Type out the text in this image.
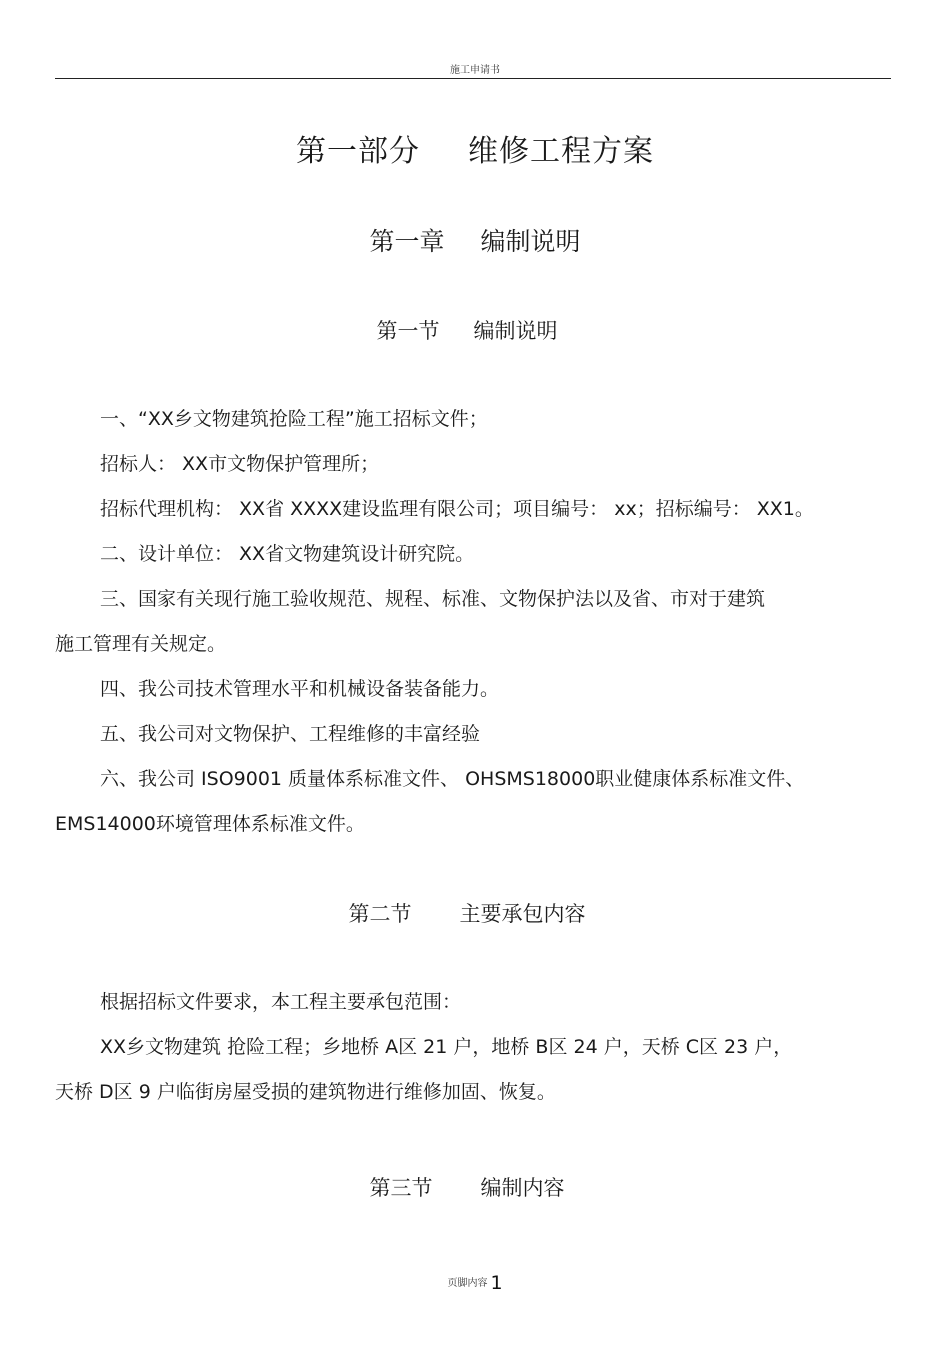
施工申请书
第一部分 维修工程方案
第一章 编制说明
第一节 编制说明
一、“XX乡文物建筑抢险工程”施工招标文件；
招标人： XX市文物保护管理所；
招标代理机构： XX省 XXXX建设监理有限公司；项目编号： xx；招标编号： XX1。
二、设计单位： XX省文物建筑设计研究院。
三、国家有关现行施工验收规范、规程、标准、文物保护法以及省、市对于建筑
施工管理有关规定。
四、我公司技术管理水平和机械设备装备能力。
五、我公司对文物保护、工程维修的丰富经验
六、我公司 ISO9001 质量体系标准文件、 OHSMS18000职业健康体系标准文件、
EMS14000环境管理体系标准文件。
第二节 主要承包内容
根据招标文件要求，本工程主要承包范围：
XX乡文物建筑 抢险工程；乡地桥 A区 21 户，地桥 B区 24 户，天桥 C区 23 户，
天桥 D区 9 户临街房屋受损的建筑物进行维修加固、恢复。
第三节 编制内容
页脚内容 1
